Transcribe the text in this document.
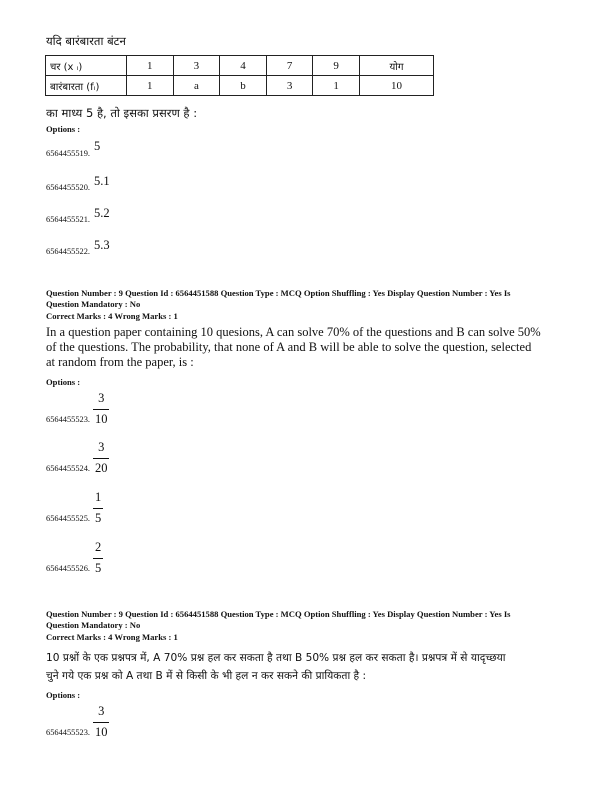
यदि बारंबारता बंटन
चर (x ᵢ)	1	3	4	7	9	योग
बारंबारता (fᵢ)	1	a	b	3	1	10
का माध्य 5 है, तो इसका प्रसरण है :
Options :
6564455519. $^5$
6564455520. $^{5.1}$
6564455521. $^{5.2}$
6564455522. $^{5.3}$
Question Number : 9 Question Id : 6564451588 Question Type : MCQ Option Shuffling : Yes Display Question Number : Yes Is
Question Mandatory : No
Correct Marks : 4 Wrong Marks : 1
In a question paper containing 10 quesions, A can solve 70% of the questions and B can solve 50%
of the questions. The probability, that none of A and B will be able to solve the question, selected
at random from the paper, is :
Options :
6564455523. $\frac{3}{10}$
6564455524. $\frac{3}{20}$
6564455525. $\frac{1}{5}$
6564455526. $\frac{2}{5}$
Question Number : 9 Question Id : 6564451588 Question Type : MCQ Option Shuffling : Yes Display Question Number : Yes Is
Question Mandatory : No
Correct Marks : 4 Wrong Marks : 1
10 प्रश्नों के एक प्रश्नपत्र में, A 70% प्रश्न हल कर सकता है तथा B 50% प्रश्न हल कर सकता है। प्रश्नपत्र में से यादृच्छया
चुने गये एक प्रश्न को A तथा B में से किसी के भी हल न कर सकने की प्रायिकता है :
Options :
6564455523. $\frac{3}{10}$
